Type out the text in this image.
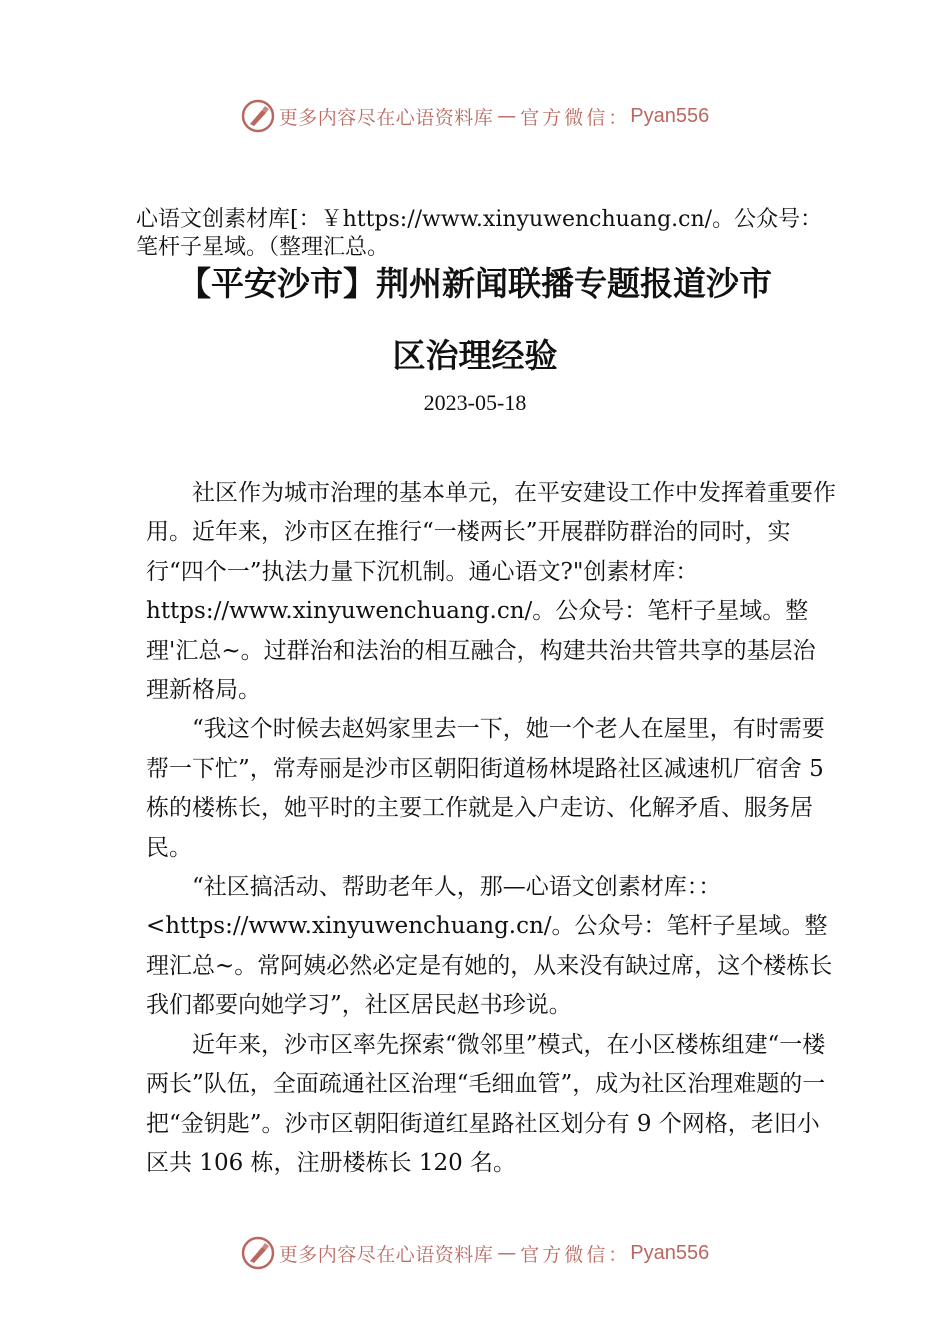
更多内容尽在心语资料库 — 官方微信： Pyan556
心语文创素材库[：￥https://www.xinyuwenchuang.cn/。公众号：笔杆子星域。（整理汇总。
【平安沙市】荆州新闻联播专题报道沙市
区治理经验
2023-05-18

社区作为城市治理的基本单元，在平安建设工作中发挥着重要作用。近年来，沙市区在推行“一楼两长”开展群防群治的同时，实行“四个一”执法力量下沉机制。通心语文?"创素材库：https://www.xinyuwenchuang.cn/。公众号：笔杆子星域。整理'汇总~。过群治和法治的相互融合，构建共治共管共享的基层治理新格局。

“我这个时候去赵妈家里去一下，她一个老人在屋里，有时需要帮一下忙”，常寿丽是沙市区朝阳街道杨林堤路社区减速机厂宿舍 5 栋的楼栋长，她平时的主要工作就是入户走访、化解矛盾、服务居民。

“社区搞活动、帮助老年人，那—心语文创素材库：：<https://www.xinyuwenchuang.cn/。公众号：笔杆子星域。整理汇总~。常阿姨必然必定是有她的，从来没有缺过席，这个楼栋长我们都要向她学习”，社区居民赵书珍说。

近年来，沙市区率先探索“微邻里”模式，在小区楼栋组建“一楼两长”队伍，全面疏通社区治理“毛细血管”，成为社区治理难题的一把“金钥匙”。沙市区朝阳街道红星路社区划分有 9 个网格，老旧小区共 106 栋，注册楼栋长 120 名。

更多内容尽在心语资料库 — 官方微信： Pyan556
